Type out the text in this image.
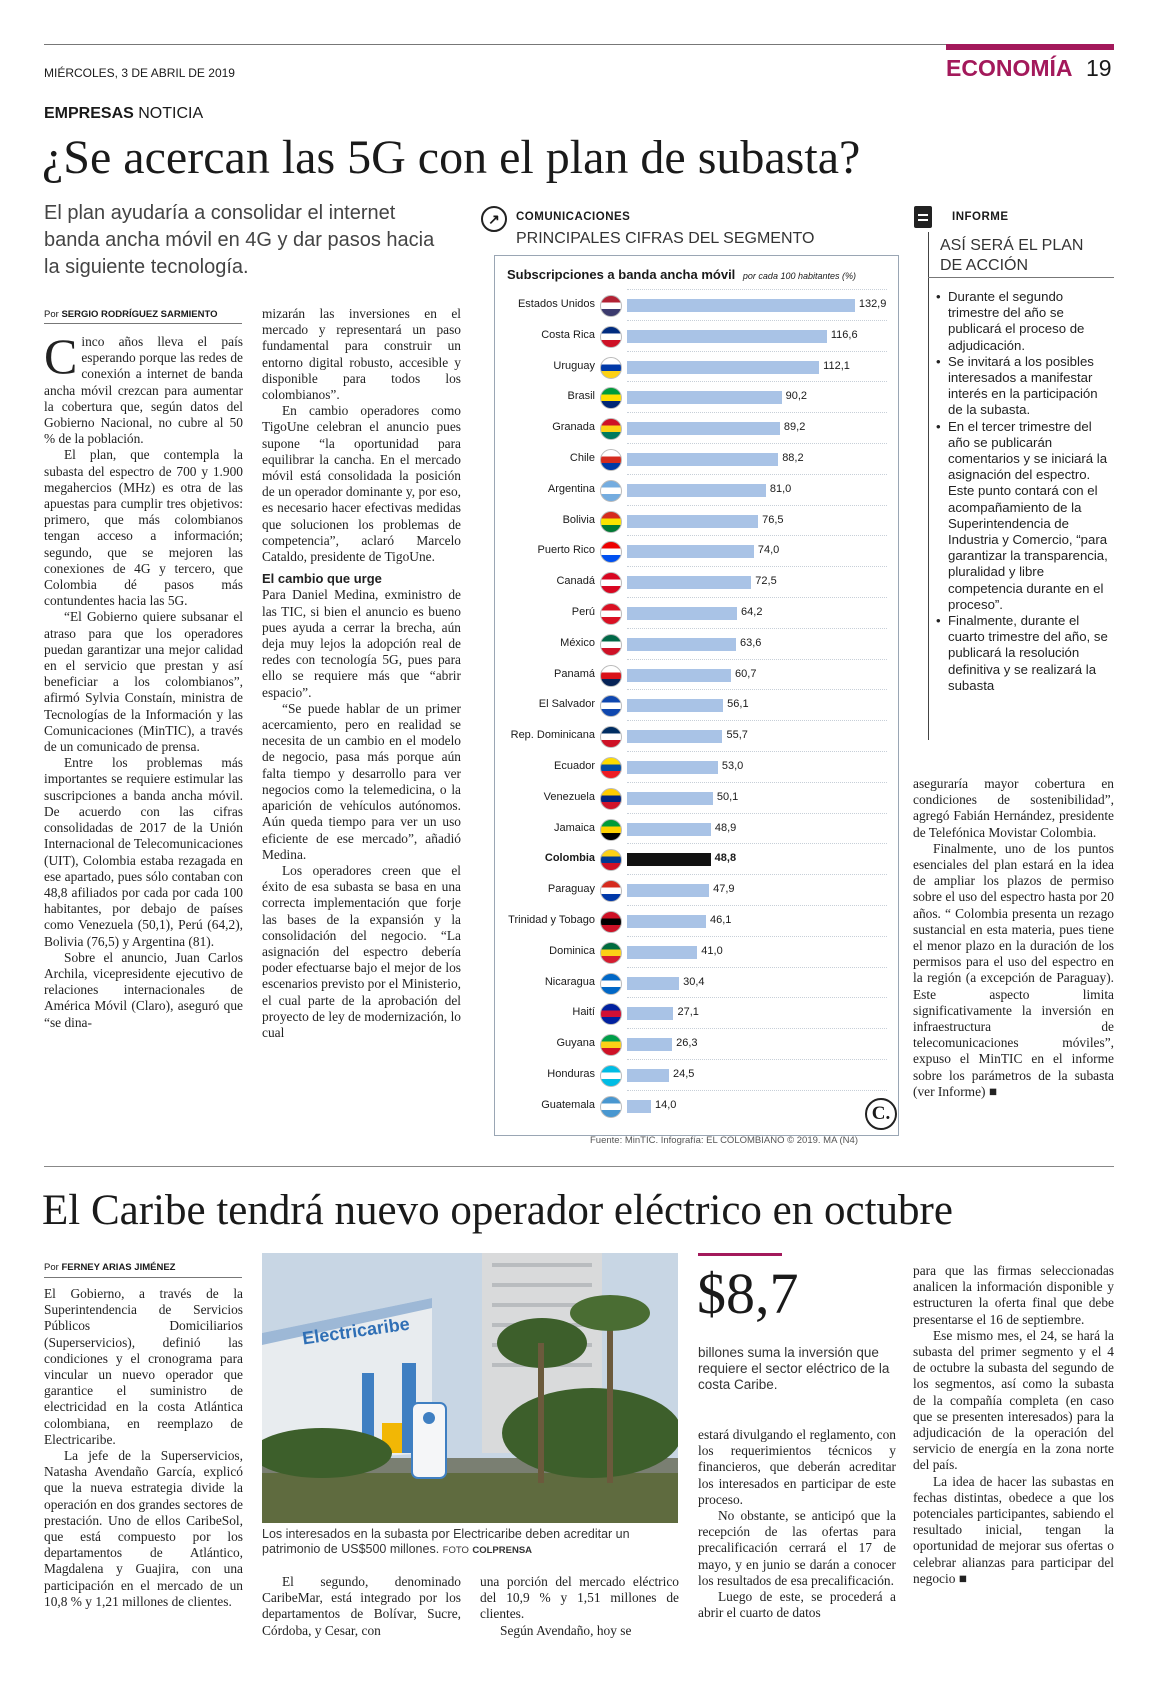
MIÉRCOLES, 3 DE ABRIL DE 2019	ECONOMÍA 19
EMPRESAS NOTICIA
¿Se acercan las 5G con el plan de subasta?
El plan ayudaría a consolidar el internet banda ancha móvil en 4G y dar pasos hacia la siguiente tecnología.
Por SERGIO RODRÍGUEZ SARMIENTO

Cinco años lleva el país esperando porque las redes de conexión a internet de banda ancha móvil crezcan para aumentar la cobertura que, según datos del Gobierno Nacional, no cubre al 50 % de la población.

El plan, que contempla la subasta del espectro de 700 y 1.900 megahercios (MHz) es otra de las apuestas para cumplir tres objetivos: primero, que más colombianos tengan acceso a información; segundo, que se mejoren las conexiones de 4G y tercero, que Colombia dé pasos más contundentes hacia las 5G.

“El Gobierno quiere subsanar el atraso para que los operadores puedan garantizar una mejor calidad en el servicio que prestan y así beneficiar a los colombianos”, afirmó Sylvia Constaín, ministra de Tecnologías de la Información y las Comunicaciones (MinTIC), a través de un comunicado de prensa.

Entre los problemas más importantes se requiere estimular las suscripciones a banda ancha móvil. De acuerdo con las cifras consolidadas de 2017 de la Unión Internacional de Telecomunicaciones (UIT), Colombia estaba rezagada en ese apartado, pues sólo contaban con 48,8 afiliados por cada por cada 100 habitantes, por debajo de países como Venezuela (50,1), Perú (64,2), Bolivia (76,5) y Argentina (81).

Sobre el anuncio, Juan Carlos Archila, vicepresidente ejecutivo de relaciones internacionales de América Móvil (Claro), aseguró que “se dina-

mizarán las inversiones en el mercado y representará un paso fundamental para construir un entorno digital robusto, accesible y disponible para todos los colombianos”.

En cambio operadores como TigoUne celebran el anuncio pues supone “la oportunidad para equilibrar la cancha. En el mercado móvil está consolidada la posición de un operador dominante y, por eso, es necesario hacer efectivas medidas que solucionen los problemas de competencia”, aclaró Marcelo Cataldo, presidente de TigoUne.

El cambio que urge

Para Daniel Medina, exministro de las TIC, si bien el anuncio es bueno pues ayuda a cerrar la brecha, aún deja muy lejos la adopción real de redes con tecnología 5G, pues para ello se requiere más que “abrir espacio”.

“Se puede hablar de un primer acercamiento, pero en realidad se necesita de un cambio en el modelo de negocio, pasa más porque aún falta tiempo y desarrollo para ver negocios como la telemedicina, o la aparición de vehículos autónomos. Aún queda tiempo para ver un uso eficiente de ese mercado”, añadió Medina.

Los operadores creen que el éxito de esa subasta se basa en una correcta implementación que forje las bases de la expansión y la consolidación del negocio. “La asignación del espectro debería poder efectuarse bajo el mejor de los escenarios previsto por el Ministerio, el cual parte de la aprobación del proyecto de ley de modernización, lo cual

↗	COMUNICACIONES
PRINCIPALES CIFRAS DEL SEGMENTO
Subscripciones a banda ancha móvil por cada 100 habitantes (%)
Estados Unidos	132,9
Costa Rica	116,6
Uruguay	112,1
Brasil	90,2
Granada	89,2
Chile	88,2
Argentina	81,0
Bolivia	76,5
Puerto Rico	74,0
Canadá	72,5
Perú	64,2
México	63,6
Panamá	60,7
El Salvador	56,1
Rep. Dominicana	55,7
Ecuador	53,0
Venezuela	50,1
Jamaica	48,9
Colombia	48,8
Paraguay	47,9
Trinidad y Tobago	46,1
Dominica	41,0
Nicaragua	30,4
Haití	27,1
Guyana	26,3
Honduras	24,5
Guatemala	14,0	C.
Fuente: MinTIC. Infografía: EL COLOMBIANO © 2019. MA (N4)
INFORME
ASÍ SERÁ EL PLAN DE ACCIÓN
• Durante el segundo trimestre del año se publicará el proceso de adjudicación.
• Se invitará a los posibles interesados a manifestar interés en la participación de la subasta.
• En el tercer trimestre del año se publicarán comentarios y se iniciará la asignación del espectro. Este punto contará con el acompañamiento de la Superintendencia de Industria y Comercio, “para garantizar la transparencia, pluralidad y libre competencia durante en el proceso”.
• Finalmente, durante el cuarto trimestre del año, se publicará la resolución definitiva y se realizará la subasta

aseguraría mayor cobertura en condiciones de sostenibilidad”, agregó Fabián Hernández, presidente de Telefónica Movistar Colombia.

Finalmente, uno de los puntos esenciales del plan estará en la idea de ampliar los plazos de permiso sobre el uso del espectro hasta por 20 años. “ Colombia presenta un rezago sustancial en esta materia, pues tiene el menor plazo en la duración de los permisos para el uso del espectro en la región (a excepción de Paraguay). Este aspecto limita significativamente la inversión en infraestructura de telecomunicaciones móviles”, expuso el MinTIC en el informe sobre los parámetros de la subasta (ver Informe) ■

El Caribe tendrá nuevo operador eléctrico en octubre
Por FERNEY ARIAS JIMÉNEZ

El Gobierno, a través de la Superintendencia de Servicios Públicos Domiciliarios (Superservicios), definió las condiciones y el cronograma para vincular un nuevo operador que garantice el suministro de electricidad en la costa Atlántica colombiana, en reemplazo de Electricaribe.

La jefe de la Superservicios, Natasha Avendaño García, explicó que la nueva estrategia divide la operación en dos grandes sectores de prestación. Uno de ellos CaribeSol, que está compuesto por los departamentos de Atlántico, Magdalena y Guajira, con una participación en el mercado de un 10,8 % y 1,21 millones de clientes.

Electricaribe
Los interesados en la subasta por Electricaribe deben acreditar un patrimonio de US$500 millones. FOTO COLPRENSA

El segundo, denominado CaribeMar, está integrado por los departamentos de Bolívar, Sucre, Córdoba, y Cesar, con

una porción del mercado eléctrico del 10,9 % y 1,51 millones de clientes.

Según Avendaño, hoy se

$8,7
billones suma la inversión que requiere el sector eléctrico de la costa Caribe.

estará divulgando el reglamento, con los requerimientos técnicos y financieros, que deberán acreditar los interesados en participar de este proceso.

No obstante, se anticipó que la recepción de las ofertas para precalificación cerrará el 17 de mayo, y en junio se darán a conocer los resultados de esa precalificación.

Luego de este, se procederá a abrir el cuarto de datos

para que las firmas seleccionadas analicen la información disponible y estructuren la oferta final que debe presentarse el 16 de septiembre.

Ese mismo mes, el 24, se hará la subasta del primer segmento y el 4 de octubre la subasta del segundo de los segmentos, así como la subasta de la compañía completa (en caso que se presenten interesados) para la adjudicación de la operación del servicio de energía en la zona norte del país.

La idea de hacer las subastas en fechas distintas, obedece a que los potenciales participantes, sabiendo el resultado inicial, tengan la oportunidad de mejorar sus ofertas o celebrar alianzas para participar del negocio ■
